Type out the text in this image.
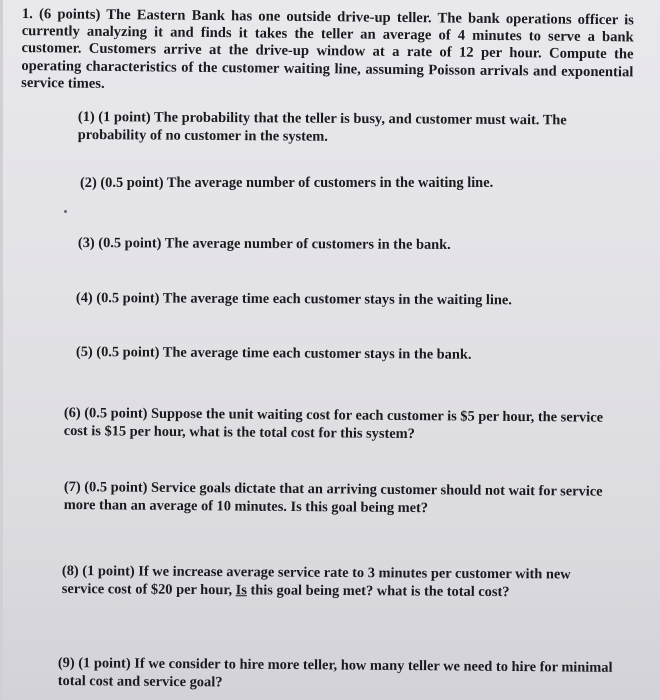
1. (6 points) The Eastern Bank has one outside drive-up teller. The bank operations officer is currently analyzing it and finds it takes the teller an average of 4 minutes to serve a bank customer. Customers arrive at the drive-up window at a rate of 12 per hour. Compute the operating characteristics of the customer waiting line, assuming Poisson arrivals and exponential service times.
(1) (1 point) The probability that the teller is busy, and customer must wait. The probability of no customer in the system.
(2) (0.5 point) The average number of customers in the waiting line.
(3) (0.5 point) The average number of customers in the bank.
(4) (0.5 point) The average time each customer stays in the waiting line.
(5) (0.5 point) The average time each customer stays in the bank.
(6) (0.5 point) Suppose the unit waiting cost for each customer is $5 per hour, the service cost is $15 per hour, what is the total cost for this system?
(7) (0.5 point) Service goals dictate that an arriving customer should not wait for service more than an average of 10 minutes. Is this goal being met?
(8) (1 point) If we increase average service rate to 3 minutes per customer with new service cost of $20 per hour, Is this goal being met? what is the total cost?
(9) (1 point) If we consider to hire more teller, how many teller we need to hire for minimal total cost and service goal?
